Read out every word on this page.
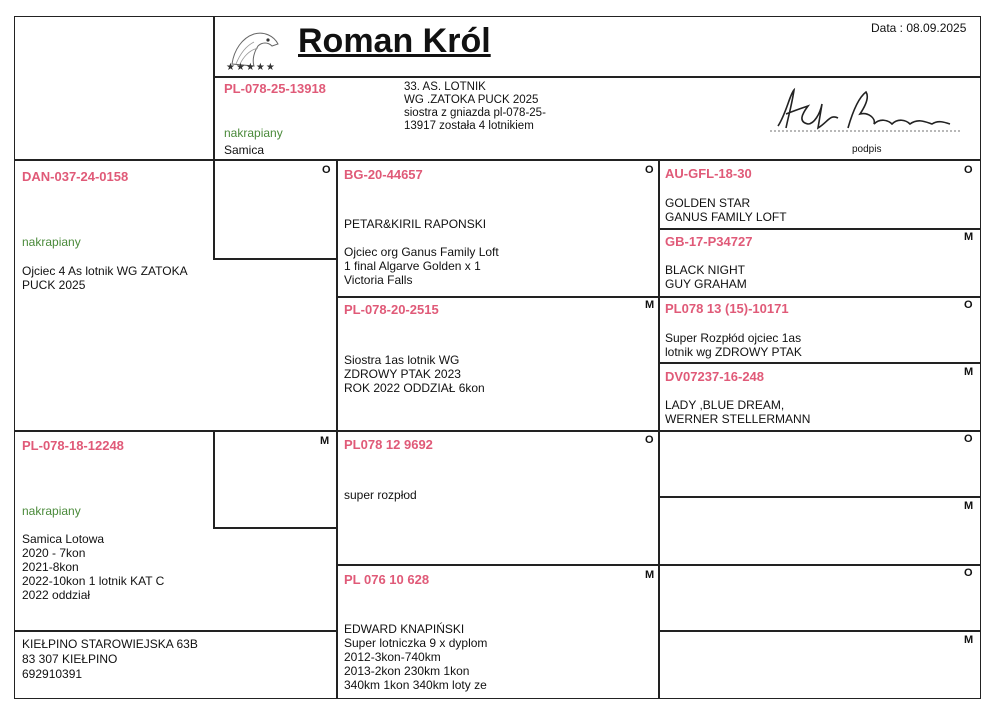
★★★★★
Roman Król	Data : 08.09.2025
PL-078-25-13918
nakrapiany
Samica
33. AS. LOTNIK
WG .ZATOKA PUCK 2025
siostra z gniazda pl-078-25-
13917 została 4 lotnikiem
podpis
DAN-037-24-0158	O
nakrapiany
Ojciec 4 As lotnik WG ZATOKA
PUCK 2025
PL-078-18-12248	M
nakrapiany
Samica Lotowa
2020 - 7kon
2021-8kon
2022-10kon 1 lotnik KAT C
2022 oddział
KIEŁPINO STAROWIEJSKA 63B
83 307 KIEŁPINO
692910391
BG-20-44657	O

PETAR&KIRIL RAPONSKI

Ojciec org Ganus Family Loft
1 final Algarve Golden x 1
Victoria Falls
PL-078-20-2515	M
Siostra 1as lotnik WG
ZDROWY PTAK 2023
ROK 2022 ODDZIAŁ 6kon
PL078 12 9692	O
super rozpłod
PL 076 10 628	M
EDWARD KNAPIŃSKI
Super lotniczka 9 x dyplom
2012-3kon-740km
2013-2kon 230km 1kon
340km 1kon 340km loty ze
AU-GFL-18-30	O
GOLDEN STAR
GANUS FAMILY LOFT
GB-17-P34727	M
BLACK NIGHT
GUY GRAHAM
PL078 13 (15)-10171	O
Super Rozpłód ojciec 1as
lotnik wg ZDROWY PTAK
DV07237-16-248	M
LADY ,BLUE DREAM,
WERNER STELLERMANN
O
M
O
M
